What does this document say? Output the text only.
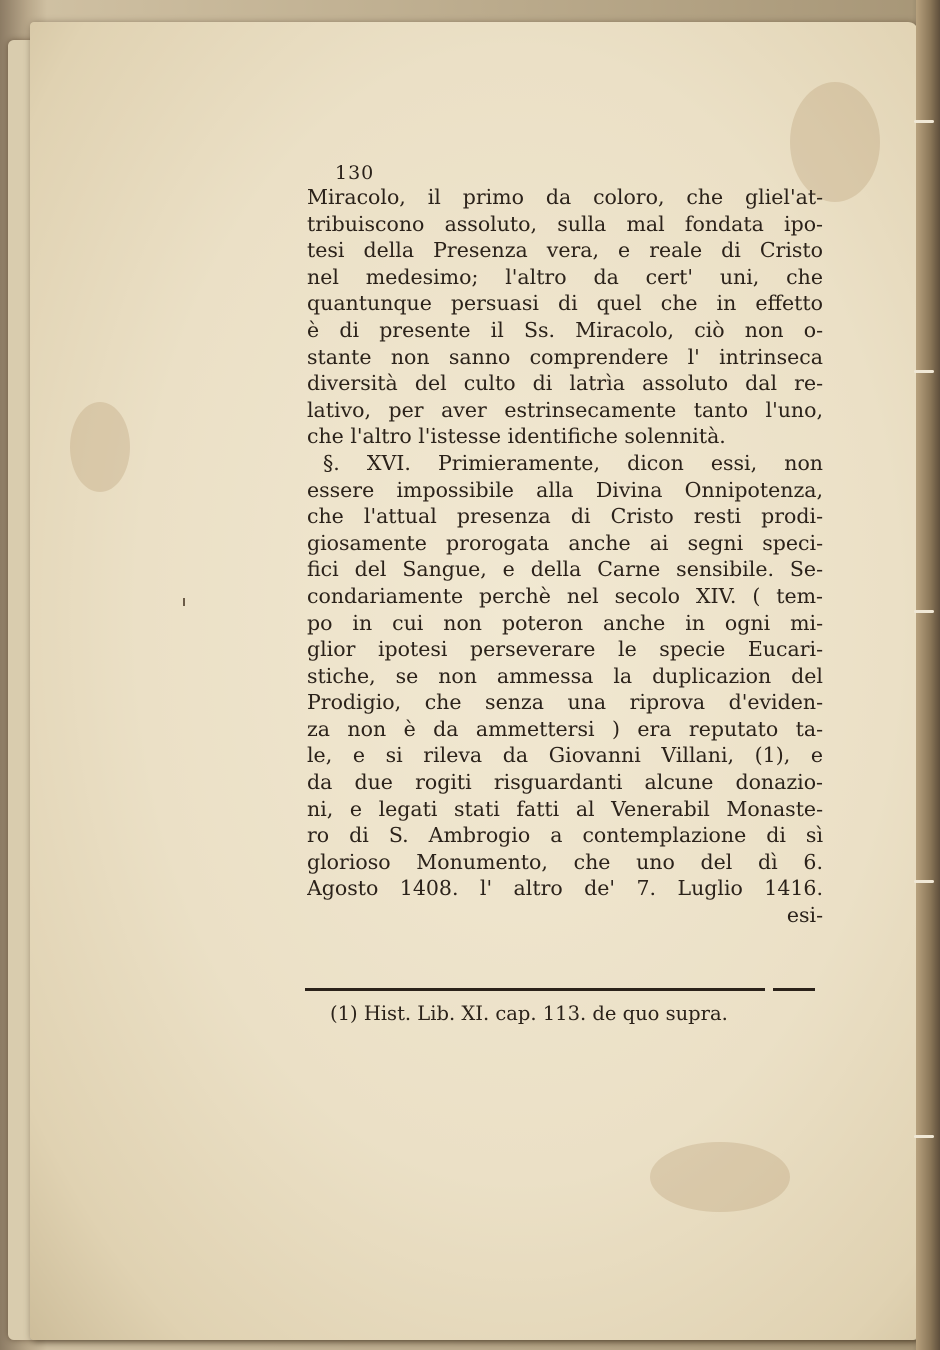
130
Miracolo, il primo da coloro, che gliel'at-
tribuiscono assoluto, sulla mal fondata ipo-
tesi della Presenza vera, e reale di Cristo
nel medesimo; l'altro da cert' uni, che
quantunque persuasi di quel che in effetto
è di presente il Ss. Miracolo, ciò non o-
stante non sanno comprendere l' intrinseca
diversità del culto di latrìa assoluto dal re-
lativo, per aver estrinsecamente tanto l'uno,
che l'altro l'istesse identifiche solennità.
§. XVI. Primieramente, dicon essi, non
essere impossibile alla Divina Onnipotenza,
che l'attual presenza di Cristo resti prodi-
giosamente prorogata anche ai segni speci-
fici del Sangue, e della Carne sensibile. Se-
condariamente perchè nel secolo XIV. ( tem-
po in cui non poteron anche in ogni mi-
glior ipotesi perseverare le specie Eucari-
stiche, se non ammessa la duplicazion del
Prodigio, che senza una riprova d'eviden-
za non è da ammettersi ) era reputato ta-
le, e si rileva da Giovanni Villani, (1), e
da due rogiti risguardanti alcune donazio-
ni, e legati stati fatti al Venerabil Monaste-
ro di S. Ambrogio a contemplazione di sì
glorioso Monumento, che uno del dì 6.
Agosto 1408. l' altro de' 7. Luglio 1416.
esi-
(1) Hist. Lib. XI. cap. 113. de quo supra.
